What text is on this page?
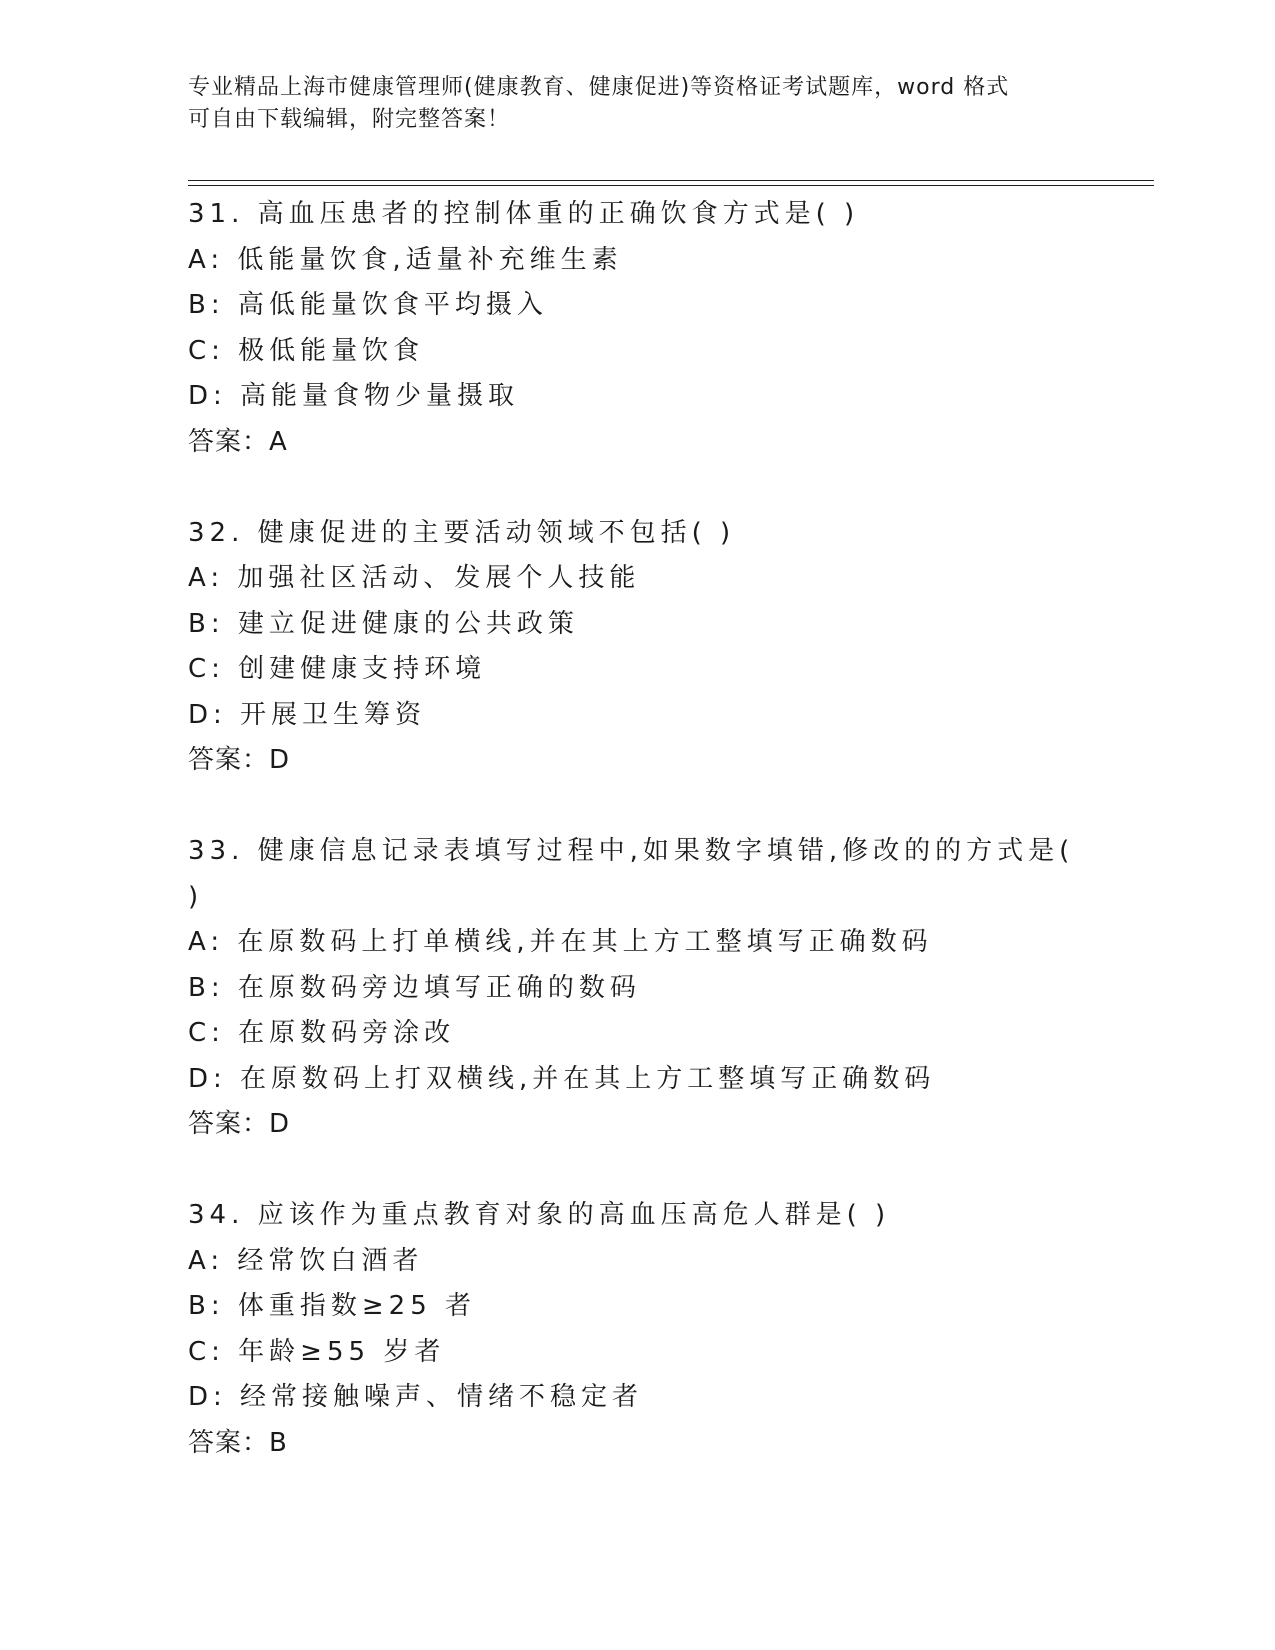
专业精品上海市健康管理师(健康教育、健康促进)等资格证考试题库，word 格式
可自由下载编辑，附完整答案！
31. 高血压患者的控制体重的正确饮食方式是( )
A: 低能量饮食,适量补充维生素
B: 高低能量饮食平均摄入
C: 极低能量饮食
D: 高能量食物少量摄取
答案：A
32. 健康促进的主要活动领域不包括( )
A: 加强社区活动、发展个人技能
B: 建立促进健康的公共政策
C: 创建健康支持环境
D: 开展卫生筹资
答案：D
33. 健康信息记录表填写过程中,如果数字填错,修改的的方式是(
)
A: 在原数码上打单横线,并在其上方工整填写正确数码
B: 在原数码旁边填写正确的数码
C: 在原数码旁涂改
D: 在原数码上打双横线,并在其上方工整填写正确数码
答案：D
34. 应该作为重点教育对象的高血压高危人群是( )
A: 经常饮白酒者
B: 体重指数≥25 者
C: 年龄≥55 岁者
D: 经常接触噪声、情绪不稳定者
答案：B
